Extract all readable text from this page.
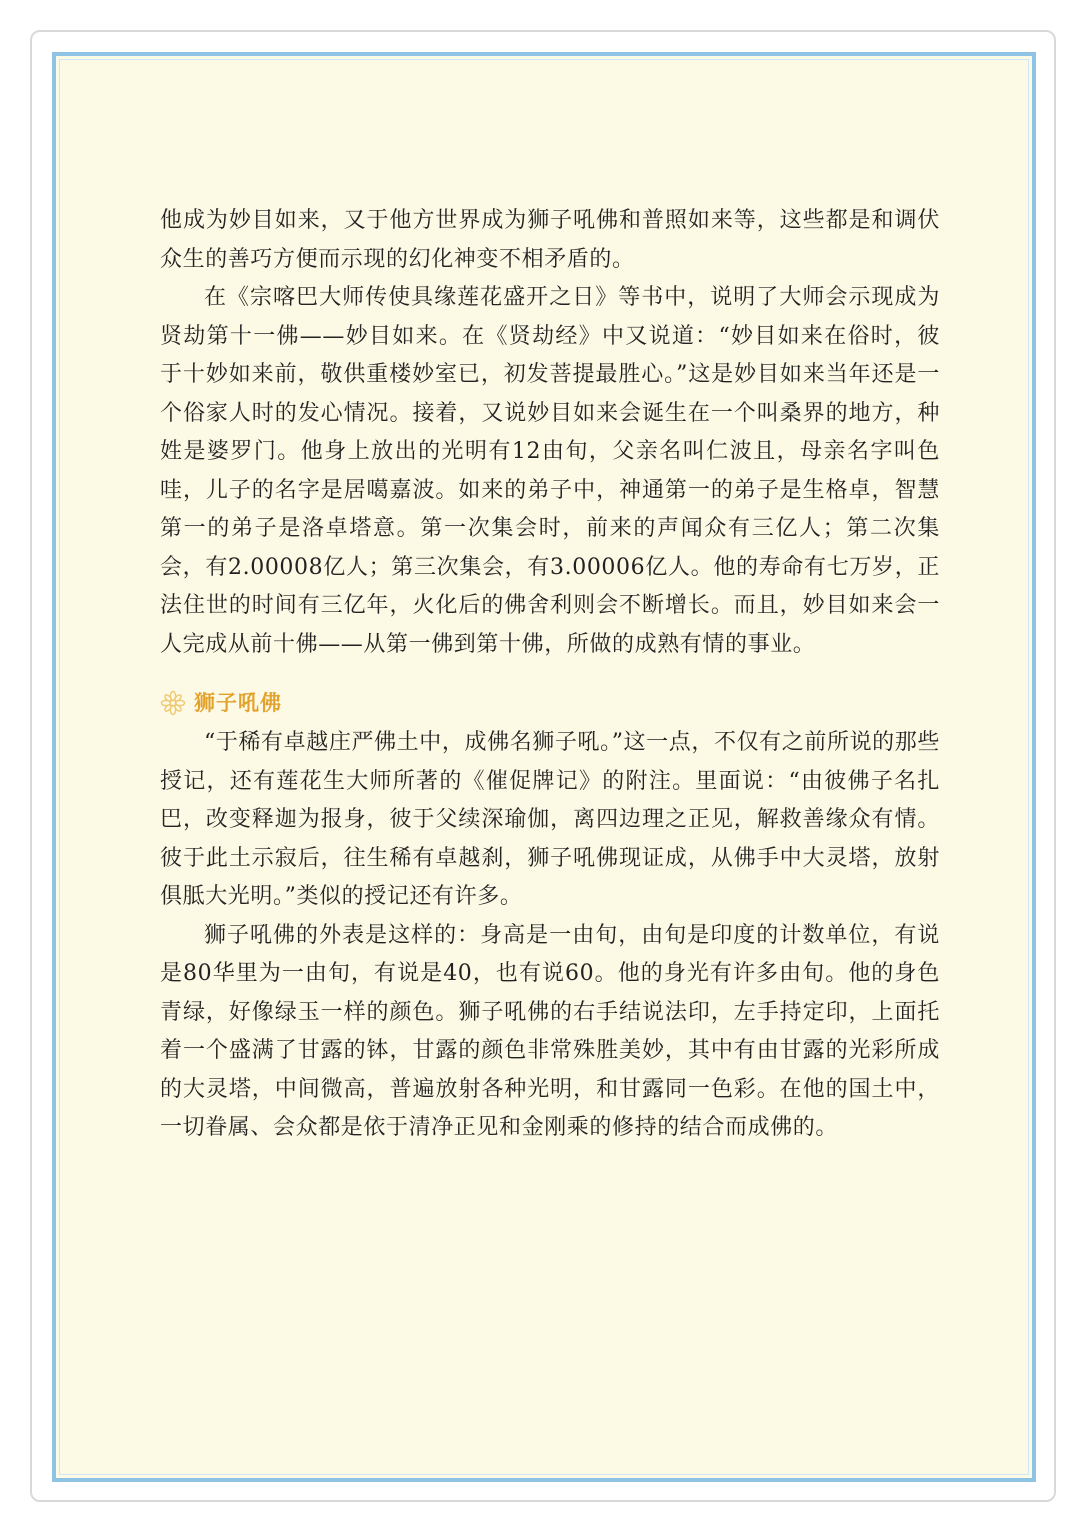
他成为妙目如来，又于他方世界成为狮子吼佛和普照如来等，这些都是和调伏众生的善巧方便而示现的幻化神变不相矛盾的。

在《宗喀巴大师传使具缘莲花盛开之日》等书中，说明了大师会示现成为贤劫第十一佛——妙目如来。在《贤劫经》中又说道：“妙目如来在俗时，彼于十妙如来前，敬供重楼妙室已，初发菩提最胜心。”这是妙目如来当年还是一个俗家人时的发心情况。接着，又说妙目如来会诞生在一个叫桑界的地方，种姓是婆罗门。他身上放出的光明有12由旬，父亲名叫仁波且，母亲名字叫色哇，儿子的名字是居噶嘉波。如来的弟子中，神通第一的弟子是生格卓，智慧第一的弟子是洛卓塔意。第一次集会时，前来的声闻众有三亿人；第二次集会，有2.00008亿人；第三次集会，有3.00006亿人。他的寿命有七万岁，正法住世的时间有三亿年，火化后的佛舍利则会不断增长。而且，妙目如来会一人完成从前十佛——从第一佛到第十佛，所做的成熟有情的事业。

狮子吼佛

“于稀有卓越庄严佛土中，成佛名狮子吼。”这一点，不仅有之前所说的那些授记，还有莲花生大师所著的《催促牌记》的附注。里面说：“由彼佛子名扎巴，改变释迦为报身，彼于父续深瑜伽，离四边理之正见，解救善缘众有情。彼于此土示寂后，往生稀有卓越刹，狮子吼佛现证成，从佛手中大灵塔，放射俱胝大光明。”类似的授记还有许多。

狮子吼佛的外表是这样的：身高是一由旬，由旬是印度的计数单位，有说是80华里为一由旬，有说是40，也有说60。他的身光有许多由旬。他的身色青绿，好像绿玉一样的颜色。狮子吼佛的右手结说法印，左手持定印，上面托着一个盛满了甘露的钵，甘露的颜色非常殊胜美妙，其中有由甘露的光彩所成的大灵塔，中间微高，普遍放射各种光明，和甘露同一色彩。在他的国土中，一切眷属、会众都是依于清净正见和金刚乘的修持的结合而成佛的。
